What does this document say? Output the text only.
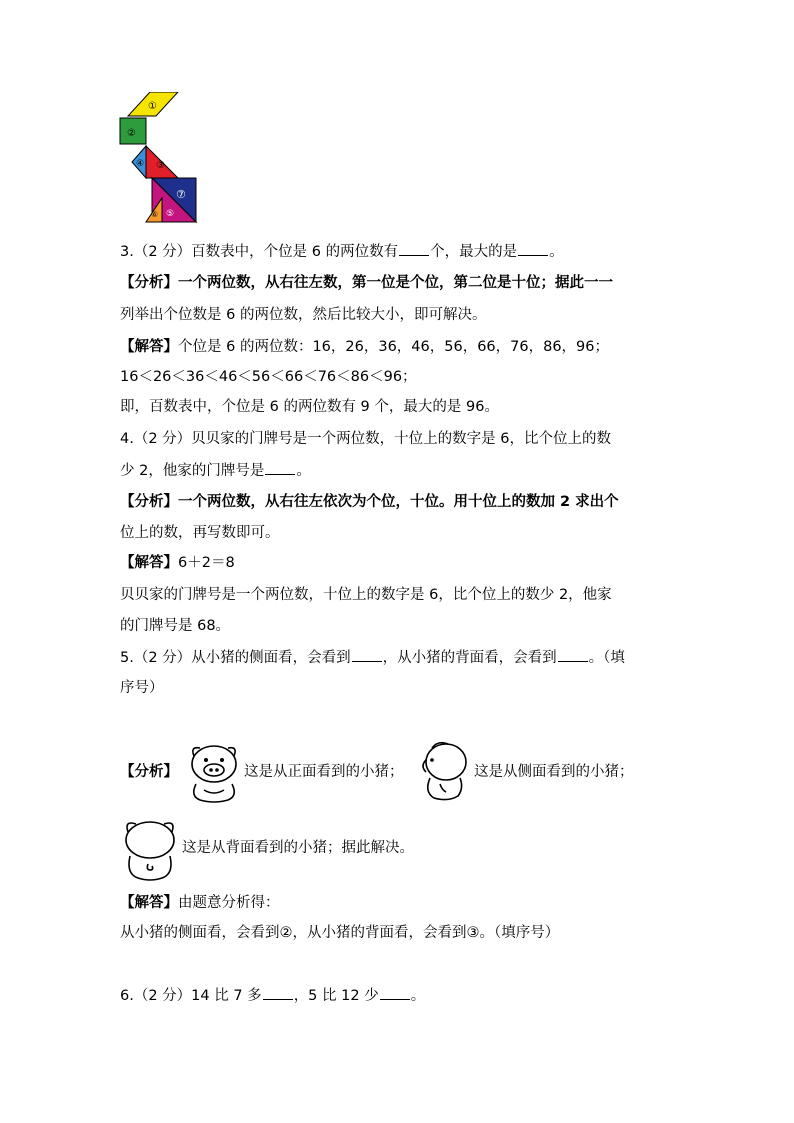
①
②
④ ③
⑦
⑤
⑥
3.（2 分）百数表中，个位是 6 的两位数有 个，最大的是 。
【分析】一个两位数，从右往左数，第一位是个位，第二位是十位；据此一一
列举出个位数是 6 的两位数，然后比较大小，即可解决。
【解答】个位是 6 的两位数：16，26，36，46，56，66，76，86，96；
16＜26＜36＜46＜56＜66＜76＜86＜96；
即，百数表中，个位是 6 的两位数有 9 个，最大的是 96。
4.（2 分）贝贝家的门牌号是一个两位数，十位上的数字是 6，比个位上的数
少 2，他家的门牌号是 。
【分析】一个两位数，从右往左依次为个位，十位。用十位上的数加 2 求出个
位上的数，再写数即可。
【解答】6＋2＝8
贝贝家的门牌号是一个两位数，十位上的数字是 6，比个位上的数少 2，他家
的门牌号是 68。
5.（2 分）从小猪的侧面看，会看到 ，从小猪的背面看，会看到 。（填
序号）
【分析】	这是从正面看到的小猪；	这是从侧面看到的小猪；
这是从背面看到的小猪；据此解决。
【解答】由题意分析得：
从小猪的侧面看，会看到②，从小猪的背面看，会看到③。（填序号）
6.（2 分）14 比 7 多 ，5 比 12 少 。
